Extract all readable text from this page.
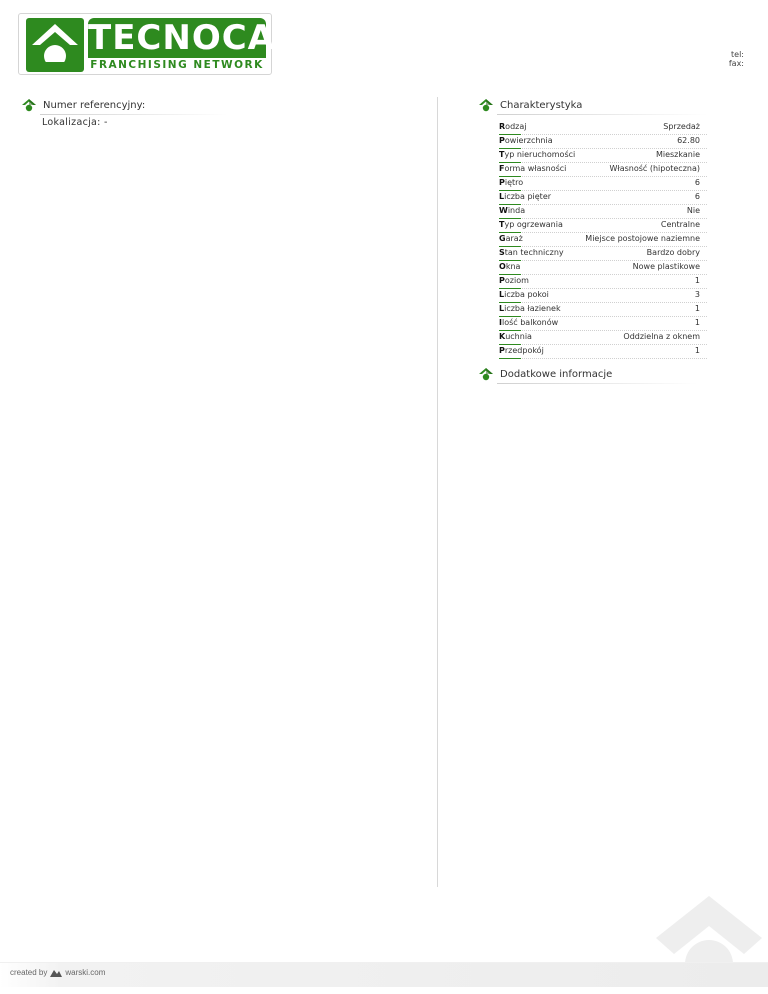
TECNOCASA
FRANCHISING NETWORK
tel:
fax:
Numer referencyjny:
Lokalizacja: -
Charakterystyka
Rodzaj	Sprzedaż
Powierzchnia	62.80
Typ nieruchomości	Mieszkanie
Forma własności	Własność (hipoteczna)
Piętro	6
Liczba pięter	6
Winda	Nie
Typ ogrzewania	Centralne
Garaż	Miejsce postojowe naziemne
Stan techniczny	Bardzo dobry
Okna	Nowe plastikowe
Poziom	1
Liczba pokoi	3
Liczba łazienek	1
Ilość balkonów	1
Kuchnia	Oddzielna z oknem
Przedpokój	1
Dodatkowe informacje
created by warski.com
